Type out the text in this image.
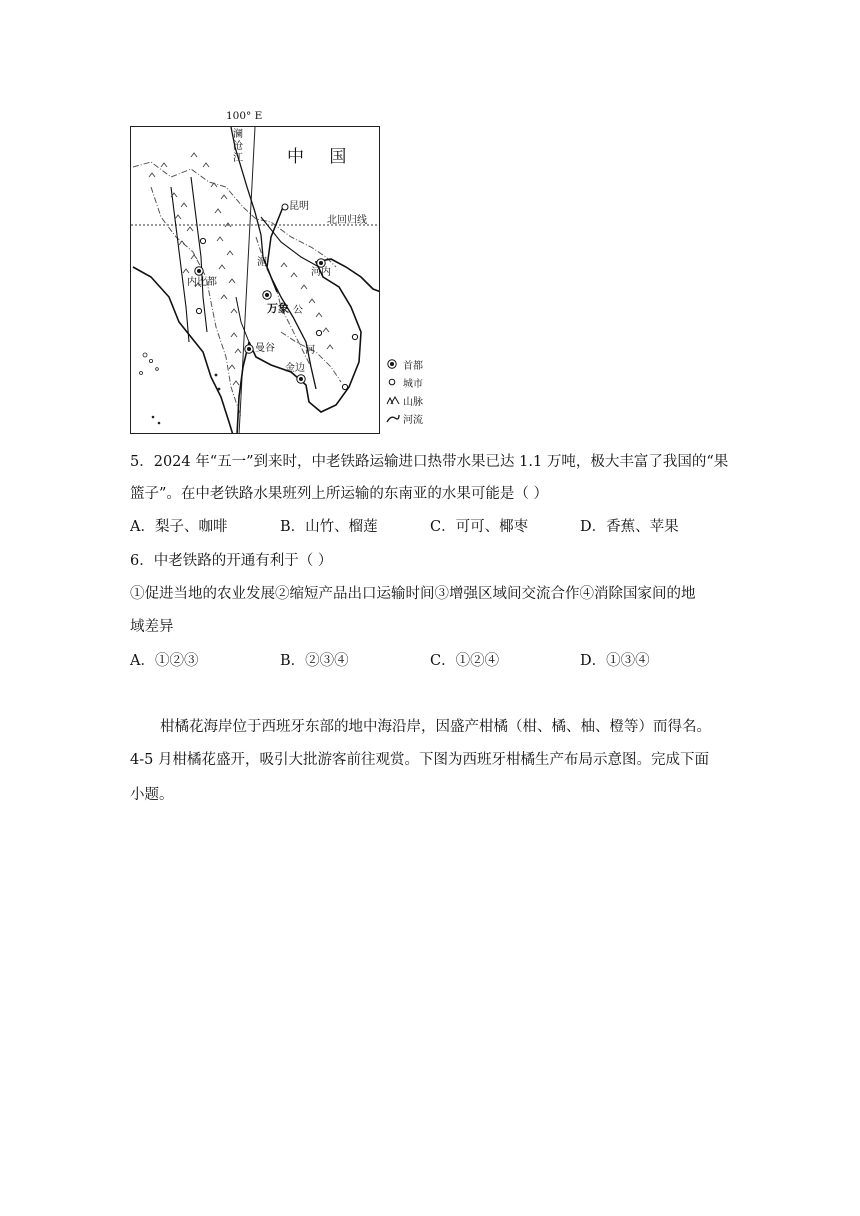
100° E
中 国
澜沧江
昆明
北回归线
河内
湄
万象 公
内比都
曼谷	河
金边	首都
城市
山脉
河流
5．2024 年“五一”到来时，中老铁路运输进口热带水果已达 1.1 万吨，极大丰富了我国的“果
篮子”。在中老铁路水果班列上所运输的东南亚的水果可能是（ ）
A．梨子、咖啡	B．山竹、榴莲	C．可可、椰枣	D．香蕉、苹果
6．中老铁路的开通有利于（ ）
①促进当地的农业发展②缩短产品出口运输时间③增强区域间交流合作④消除国家间的地
域差异
A．①②③	B．②③④	C．①②④	D．①③④
柑橘花海岸位于西班牙东部的地中海沿岸，因盛产柑橘（柑、橘、柚、橙等）而得名。
4-5 月柑橘花盛开，吸引大批游客前往观赏。下图为西班牙柑橘生产布局示意图。完成下面
小题。
